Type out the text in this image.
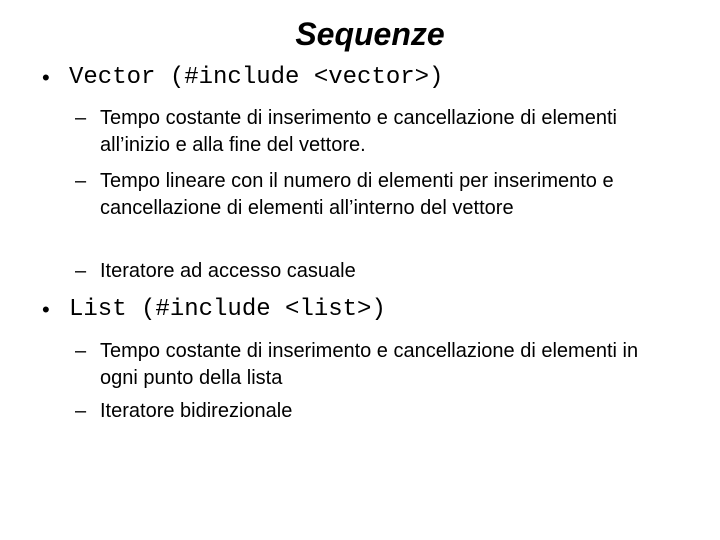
Sequenze
• Vector (#include <vector>)
– Tempo costante di inserimento e cancellazione di elementi all’inizio e alla fine del vettore.
– Tempo lineare con il numero di elementi per inserimento e cancellazione di elementi all’interno del vettore
– Iteratore ad accesso casuale
• List (#include <list>)
– Tempo costante di inserimento e cancellazione di elementi in ogni punto della lista
– Iteratore bidirezionale
